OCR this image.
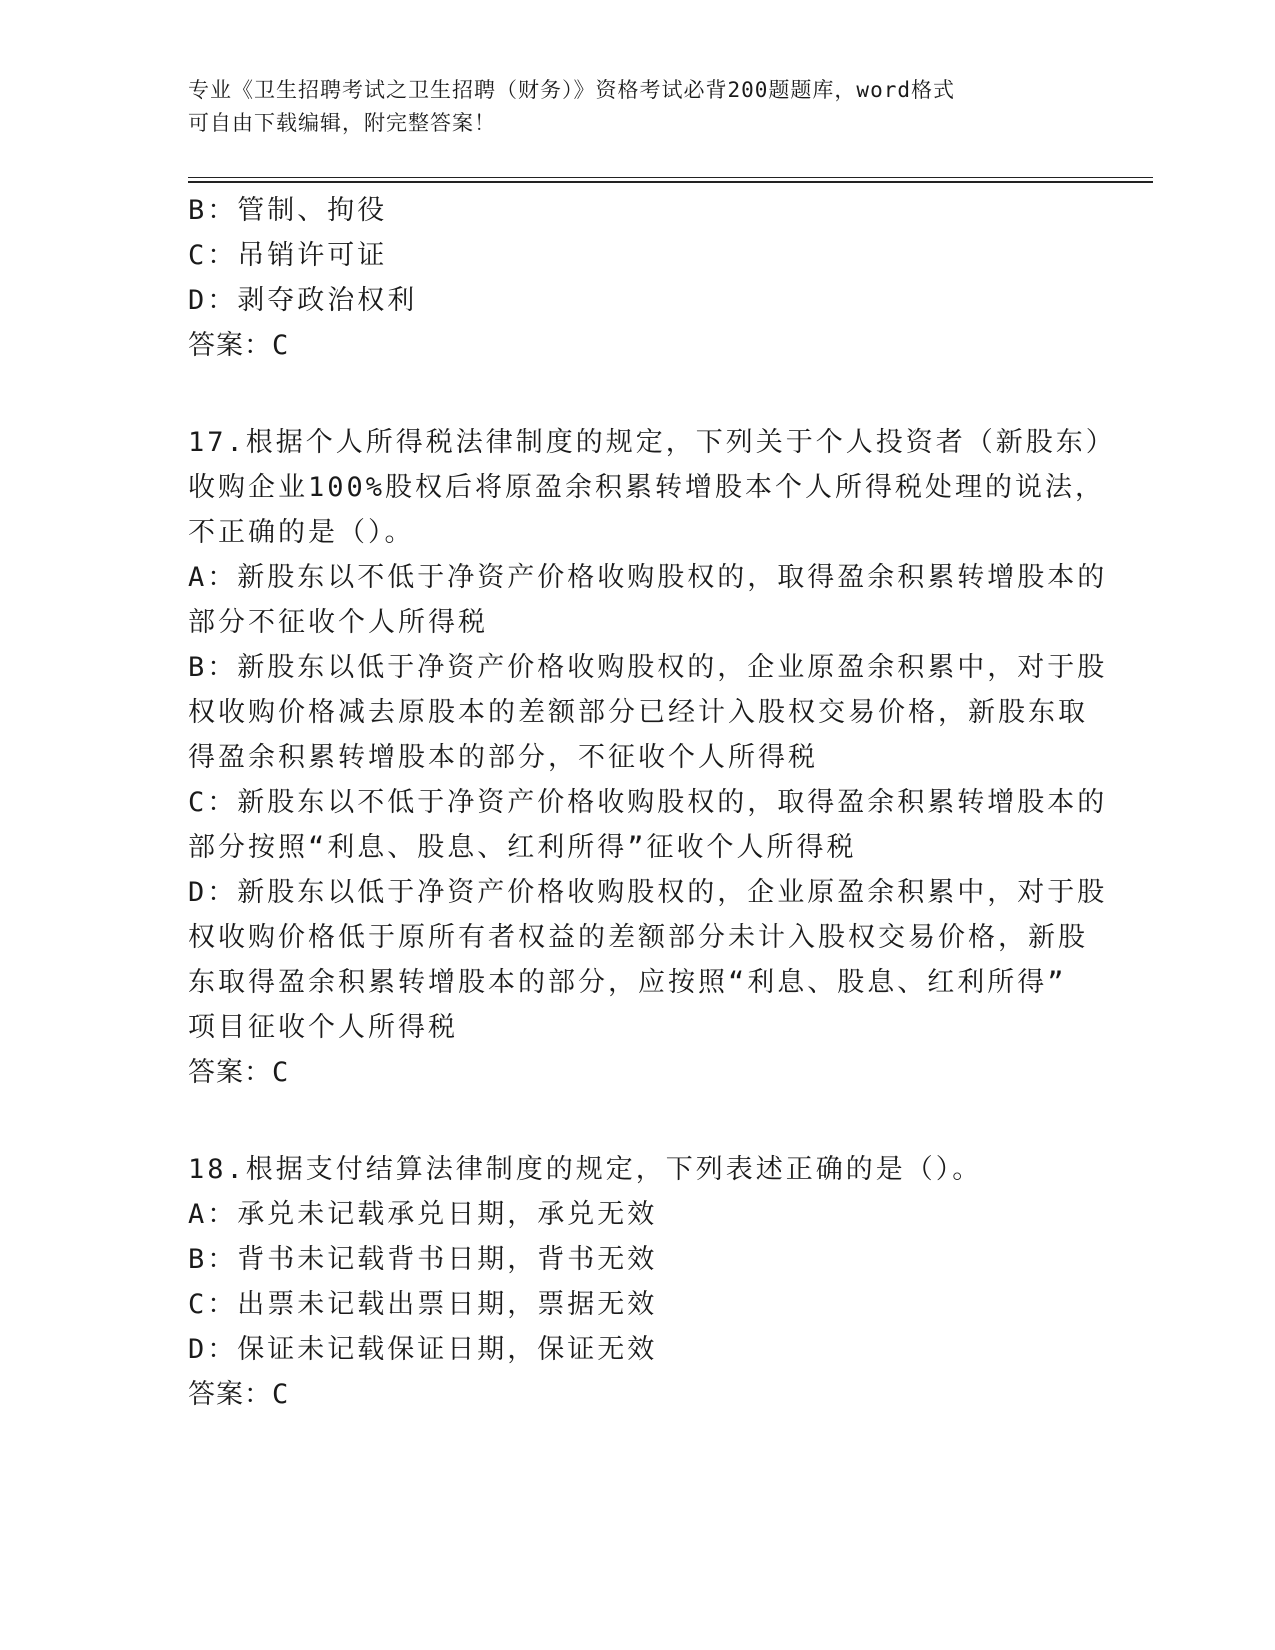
专业《卫生招聘考试之卫生招聘（财务）》资格考试必背200题题库，word格式
可自由下载编辑，附完整答案！
B：管制、拘役
C：吊销许可证
D：剥夺政治权利
答案：C
17.根据个人所得税法律制度的规定，下列关于个人投资者（新股东）
收购企业100%股权后将原盈余积累转增股本个人所得税处理的说法，
不正确的是（）。
A：新股东以不低于净资产价格收购股权的，取得盈余积累转增股本的
部分不征收个人所得税
B：新股东以低于净资产价格收购股权的，企业原盈余积累中，对于股
权收购价格减去原股本的差额部分已经计入股权交易价格，新股东取
得盈余积累转增股本的部分，不征收个人所得税
C：新股东以不低于净资产价格收购股权的，取得盈余积累转增股本的
部分按照“利息、股息、红利所得”征收个人所得税
D：新股东以低于净资产价格收购股权的，企业原盈余积累中，对于股
权收购价格低于原所有者权益的差额部分未计入股权交易价格，新股
东取得盈余积累转增股本的部分，应按照“利息、股息、红利所得”
项目征收个人所得税
答案：C
18.根据支付结算法律制度的规定，下列表述正确的是（）。
A：承兑未记载承兑日期，承兑无效
B：背书未记载背书日期，背书无效
C：出票未记载出票日期，票据无效
D：保证未记载保证日期，保证无效
答案：C
